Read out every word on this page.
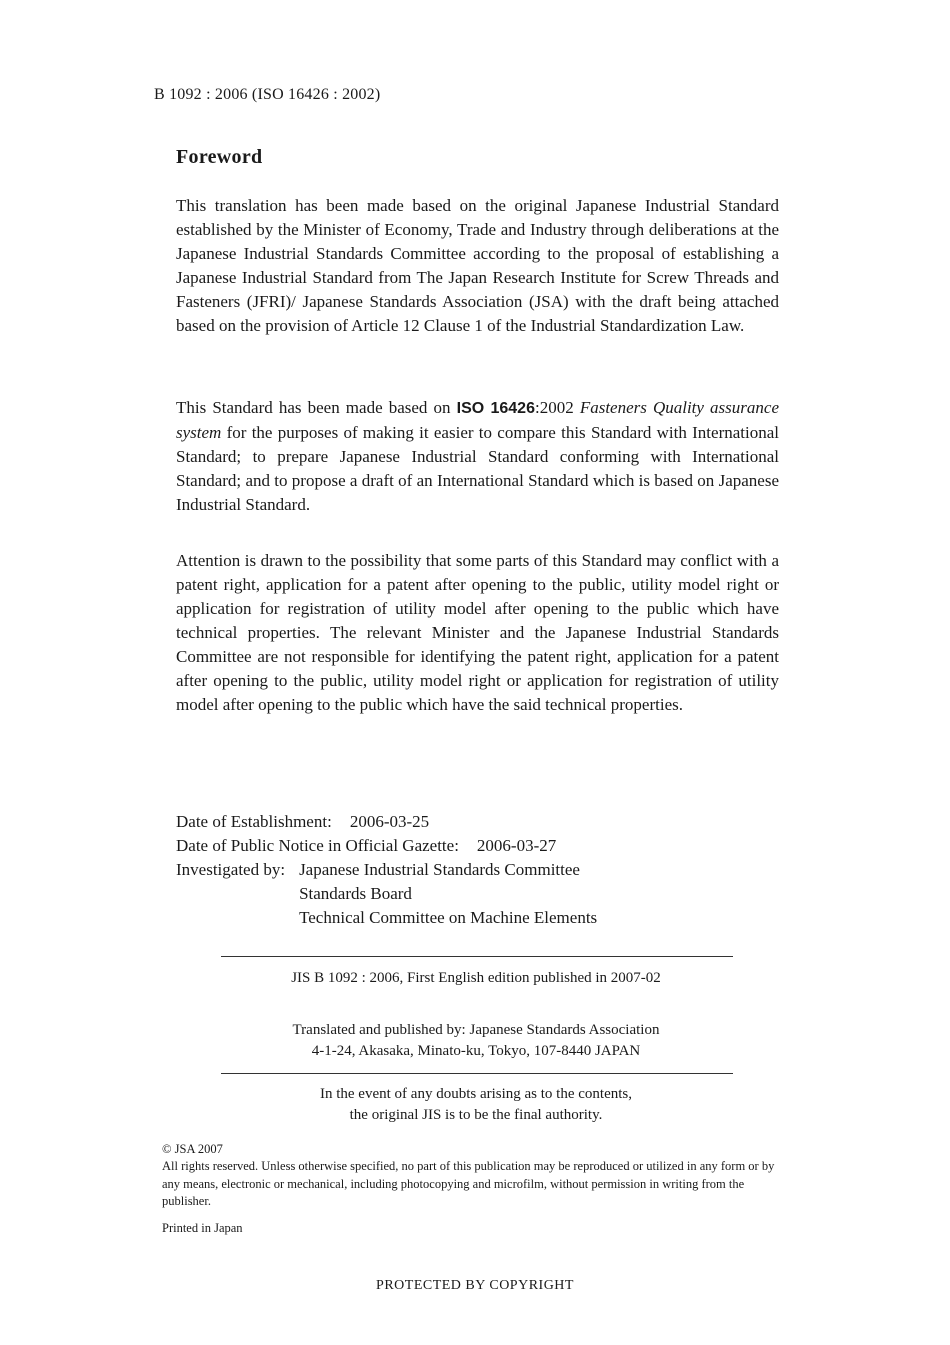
B 1092 : 2006 (ISO 16426 : 2002)
Foreword

This translation has been made based on the original Japanese Industrial Standard established by the Minister of Economy, Trade and Industry through deliberations at the Japanese Industrial Standards Committee according to the proposal of establishing a Japanese Industrial Standard from The Japan Research Institute for Screw Threads and Fasteners (JFRI)/ Japanese Standards Association (JSA) with the draft being attached based on the provision of Article 12 Clause 1 of the Industrial Standardization Law.

This Standard has been made based on ISO 16426:2002 Fasteners Quality assurance system for the purposes of making it easier to compare this Standard with International Standard; to prepare Japanese Industrial Standard conforming with International Standard; and to propose a draft of an International Standard which is based on Japanese Industrial Standard.

Attention is drawn to the possibility that some parts of this Standard may conflict with a patent right, application for a patent after opening to the public, utility model right or application for registration of utility model after opening to the public which have technical properties. The relevant Minister and the Japanese Industrial Standards Committee are not responsible for identifying the patent right, application for a patent after opening to the public, utility model right or application for registration of utility model after opening to the public which have the said technical properties.

Date of Establishment: 2006-03-25
Date of Public Notice in Official Gazette: 2006-03-27
Investigated by: Japanese Industrial Standards Committee
Standards Board
Technical Committee on Machine Elements
JIS B 1092 : 2006, First English edition published in 2007-02
Translated and published by: Japanese Standards Association
4-1-24, Akasaka, Minato-ku, Tokyo, 107-8440 JAPAN
In the event of any doubts arising as to the contents,
the original JIS is to be the final authority.
© JSA 2007
All rights reserved. Unless otherwise specified, no part of this publication may be reproduced or utilized in any form or by any means, electronic or mechanical, including photocopying and microfilm, without permission in writing from the publisher.
Printed in Japan
PROTECTED BY COPYRIGHT
